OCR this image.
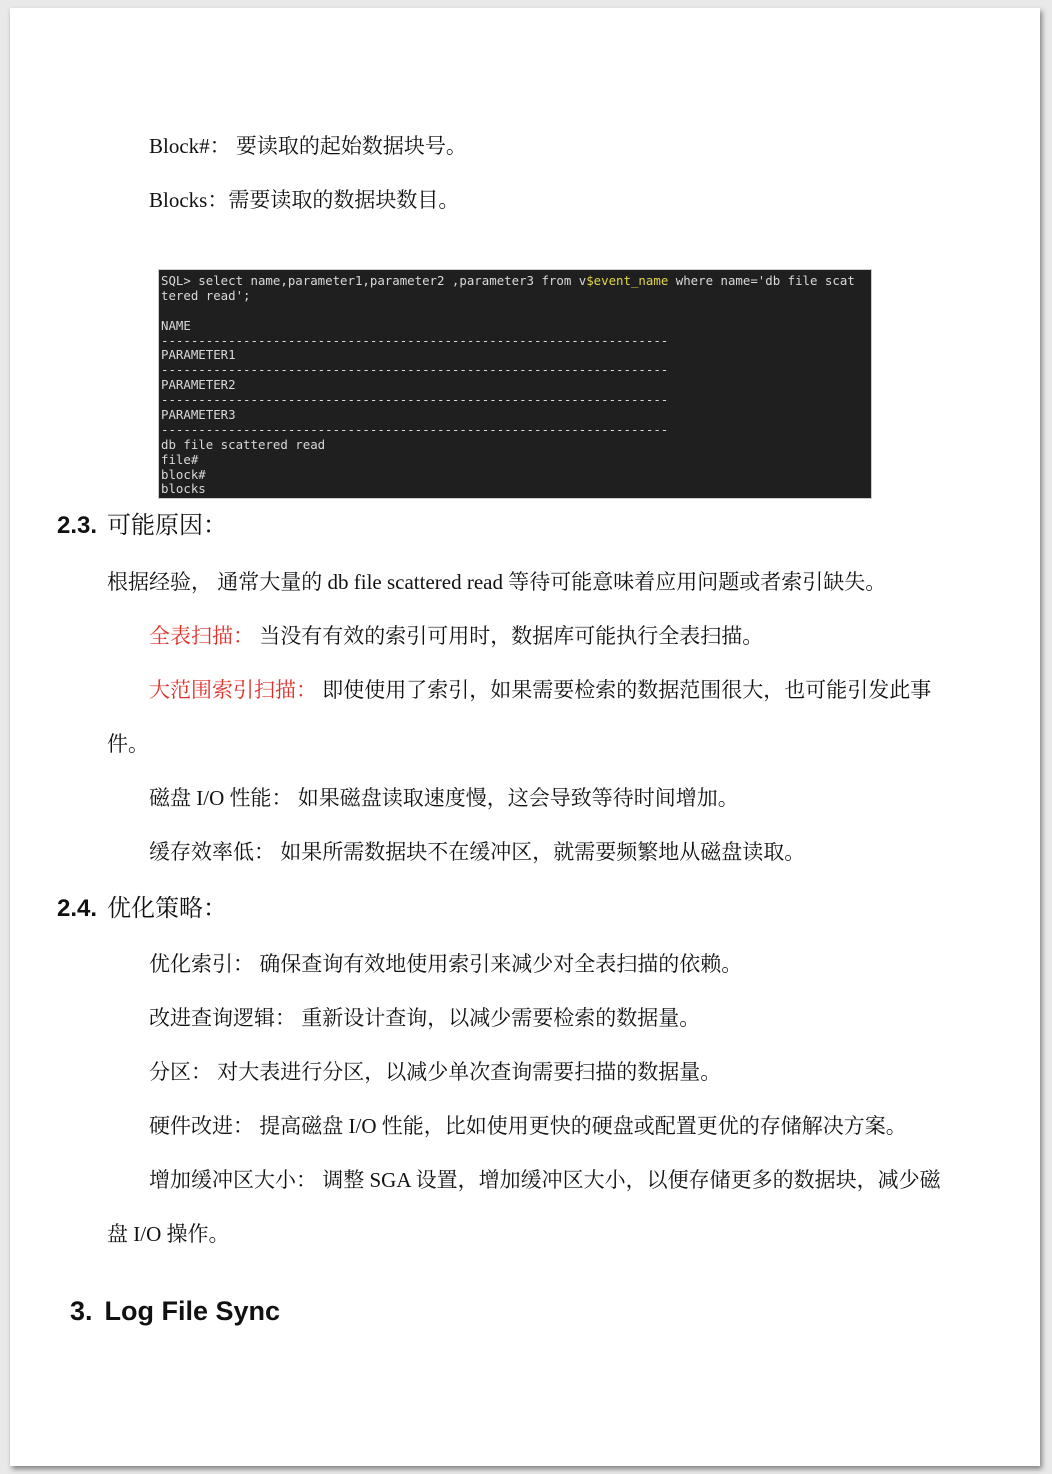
Block#： 要读取的起始数据块号。
Blocks：需要读取的数据块数目。
SQL> select name,parameter1,parameter2 ,parameter3 from v$event_name where name='db file scat
tered read';
NAME
--------------------------------------------------------------------
PARAMETER1
--------------------------------------------------------------------
PARAMETER2
--------------------------------------------------------------------
PARAMETER3
--------------------------------------------------------------------
db file scattered read
file#
block#
blocks
2.3. 可能原因：
根据经验， 通常大量的 db file scattered read 等待可能意味着应用问题或者索引缺失。
全表扫描： 当没有有效的索引可用时，数据库可能执行全表扫描。
大范围索引扫描： 即使使用了索引，如果需要检索的数据范围很大，也可能引发此事
件。
磁盘 I/O 性能： 如果磁盘读取速度慢，这会导致等待时间增加。
缓存效率低： 如果所需数据块不在缓冲区，就需要频繁地从磁盘读取。
2.4. 优化策略：
优化索引： 确保查询有效地使用索引来减少对全表扫描的依赖。
改进查询逻辑： 重新设计查询，以减少需要检索的数据量。
分区： 对大表进行分区，以减少单次查询需要扫描的数据量。
硬件改进： 提高磁盘 I/O 性能，比如使用更快的硬盘或配置更优的存储解决方案。
增加缓冲区大小： 调整 SGA 设置，增加缓冲区大小，以便存储更多的数据块，减少磁
盘 I/O 操作。
3. Log File Sync
